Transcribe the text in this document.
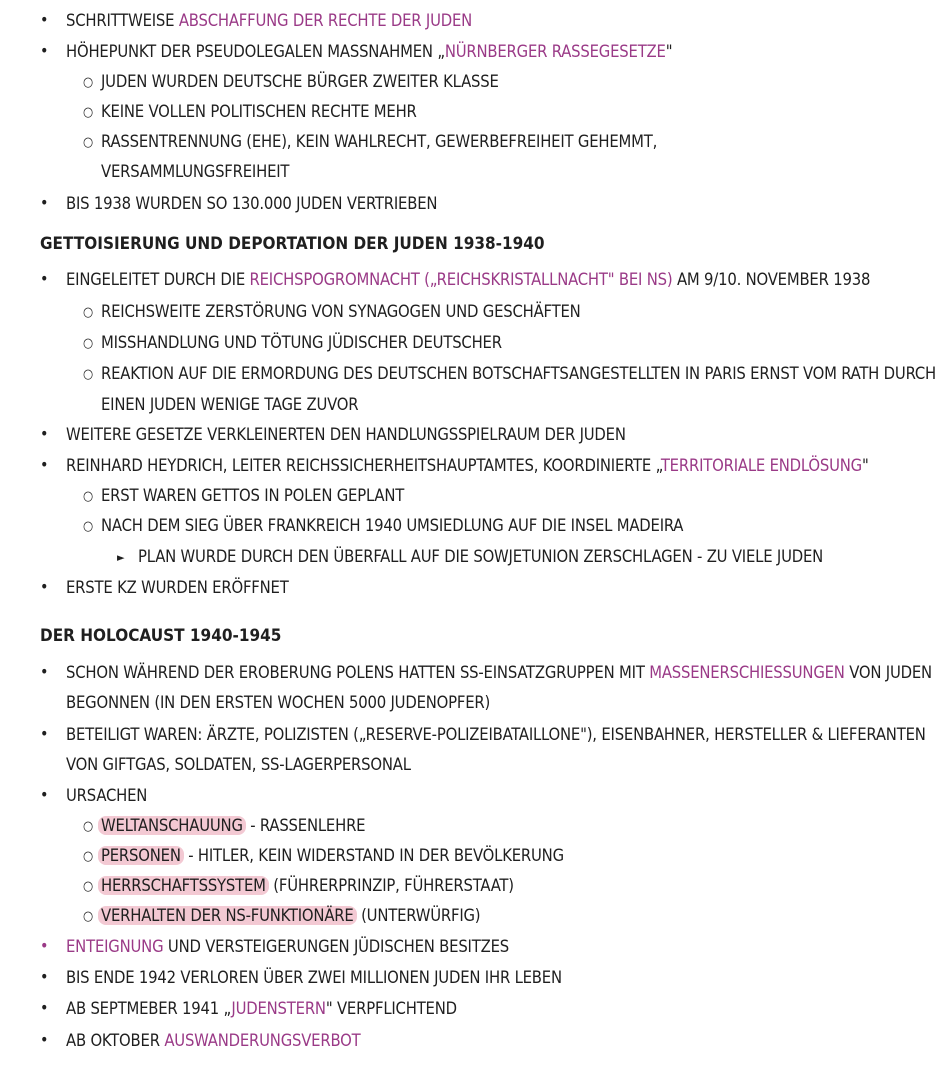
• SCHRITTWEISE ABSCHAFFUNG DER RECHTE DER JUDEN
• HÖHEPUNKT DER PSEUDOLEGALEN MASSNAHMEN „NÜRNBERGER RASSEGESETZE"
○ JUDEN WURDEN DEUTSCHE BÜRGER ZWEITER KLASSE
○ KEINE VOLLEN POLITISCHEN RECHTE MEHR
○ RASSENTRENNUNG (EHE), KEIN WAHLRECHT, GEWERBEFREIHEIT GEHEMMT,
VERSAMMLUNGSFREIHEIT
• BIS 1938 WURDEN SO 130.000 JUDEN VERTRIEBEN
GETTOISIERUNG UND DEPORTATION DER JUDEN 1938-1940
• EINGELEITET DURCH DIE REICHSPOGROMNACHT („REICHSKRISTALLNACHT" BEI NS) AM 9/10. NOVEMBER 1938
○ REICHSWEITE ZERSTÖRUNG VON SYNAGOGEN UND GESCHÄFTEN
○ MISSHANDLUNG UND TÖTUNG JÜDISCHER DEUTSCHER
○ REAKTION AUF DIE ERMORDUNG DES DEUTSCHEN BOTSCHAFTSANGESTELLTEN IN PARIS ERNST VOM RATH DURCH
EINEN JUDEN WENIGE TAGE ZUVOR
• WEITERE GESETZE VERKLEINERTEN DEN HANDLUNGSSPIELRAUM DER JUDEN
• REINHARD HEYDRICH, LEITER REICHSSICHERHEITSHAUPTAMTES, KOORDINIERTE „TERRITORIALE ENDLÖSUNG"
○ ERST WAREN GETTOS IN POLEN GEPLANT
○ NACH DEM SIEG ÜBER FRANKREICH 1940 UMSIEDLUNG AUF DIE INSEL MADEIRA
► PLAN WURDE DURCH DEN ÜBERFALL AUF DIE SOWJETUNION ZERSCHLAGEN - ZU VIELE JUDEN
• ERSTE KZ WURDEN ERÖFFNET
DER HOLOCAUST 1940-1945
• SCHON WÄHREND DER EROBERUNG POLENS HATTEN SS-EINSATZGRUPPEN MIT MASSENERSCHIESSUNGEN VON JUDEN
BEGONNEN (IN DEN ERSTEN WOCHEN 5000 JUDENOPFER)
• BETEILIGT WAREN: ÄRZTE, POLIZISTEN („RESERVE-POLIZEIBATAILLONE"), EISENBAHNER, HERSTELLER & LIEFERANTEN
VON GIFTGAS, SOLDATEN, SS-LAGERPERSONAL
• URSACHEN
○ WELTANSCHAUUNG - RASSENLEHRE
○ PERSONEN - HITLER, KEIN WIDERSTAND IN DER BEVÖLKERUNG
○ HERRSCHAFTSSYSTEM (FÜHRERPRINZIP, FÜHRERSTAAT)
○ VERHALTEN DER NS-FUNKTIONÄRE (UNTERWÜRFIG)
• ENTEIGNUNG UND VERSTEIGERUNGEN JÜDISCHEN BESITZES
• BIS ENDE 1942 VERLOREN ÜBER ZWEI MILLIONEN JUDEN IHR LEBEN
• AB SEPTMEBER 1941 „JUDENSTERN" VERPFLICHTEND
• AB OKTOBER AUSWANDERUNGSVERBOT
